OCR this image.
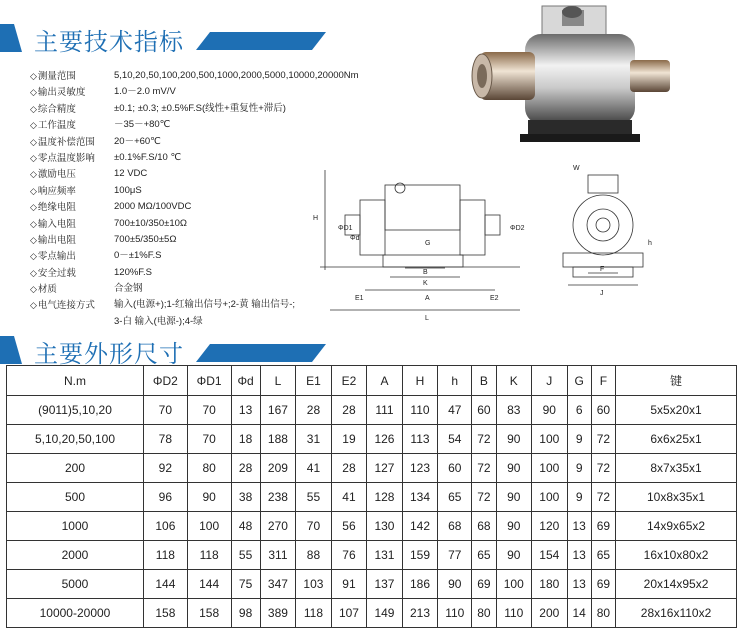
主要技术指标
◇ 测量范围	5,10,20,50,100,200,500,1000,2000,5000,10000,20000Nm
◇ 输出灵敏度	1.0－2.0 mV/V
◇ 综合精度	±0.1; ±0.3; ±0.5%F.S(线性+重复性+滞后)
◇ 工作温度	－35－+80℃
◇ 温度补偿范围	20－+60℃
◇ 零点温度影响	±0.1%F.S/10 ℃
◇ 激励电压	12 VDC
◇ 响应频率	100μS
◇ 绝缘电阻	2000 MΩ/100VDC
◇ 输入电阻	700±10/350±10Ω
◇ 输出电阻	700±5/350±5Ω
◇ 零点输出	0－±1%F.S
◇ 安全过载	120%F.S
◇ 材质	合金钢
◇ 电气连接方式	输入(电源+);1-红输出信号+;2-黄 输出信号-;
3-白 输入(电源-);4-绿
H
ΦD1
Φd
ΦD2
G
B
K
E1	A	E2
L
W
h
F
J
主要外形尺寸
N.m	ΦD2	ΦD1	Φd	L	E1	E2	A	H	h	B	K	J	G	F	键
(9011)5,10,20	70	70	13	167	28	28	111	110	47	60	83	90	6	60	5x5x20x1
5,10,20,50,100	78	70	18	188	31	19	126	113	54	72	90	100	9	72	6x6x25x1
200	92	80	28	209	41	28	127	123	60	72	90	100	9	72	8x7x35x1
500	96	90	38	238	55	41	128	134	65	72	90	100	9	72	10x8x35x1
1000	106	100	48	270	70	56	130	142	68	68	90	120	13	69	14x9x65x2
2000	118	118	55	311	88	76	131	159	77	65	90	154	13	65	16x10x80x2
5000	144	144	75	347	103	91	137	186	90	69	100	180	13	69	20x14x95x2
10000-20000	158	158	98	389	118	107	149	213	110	80	110	200	14	80	28x16x110x2
